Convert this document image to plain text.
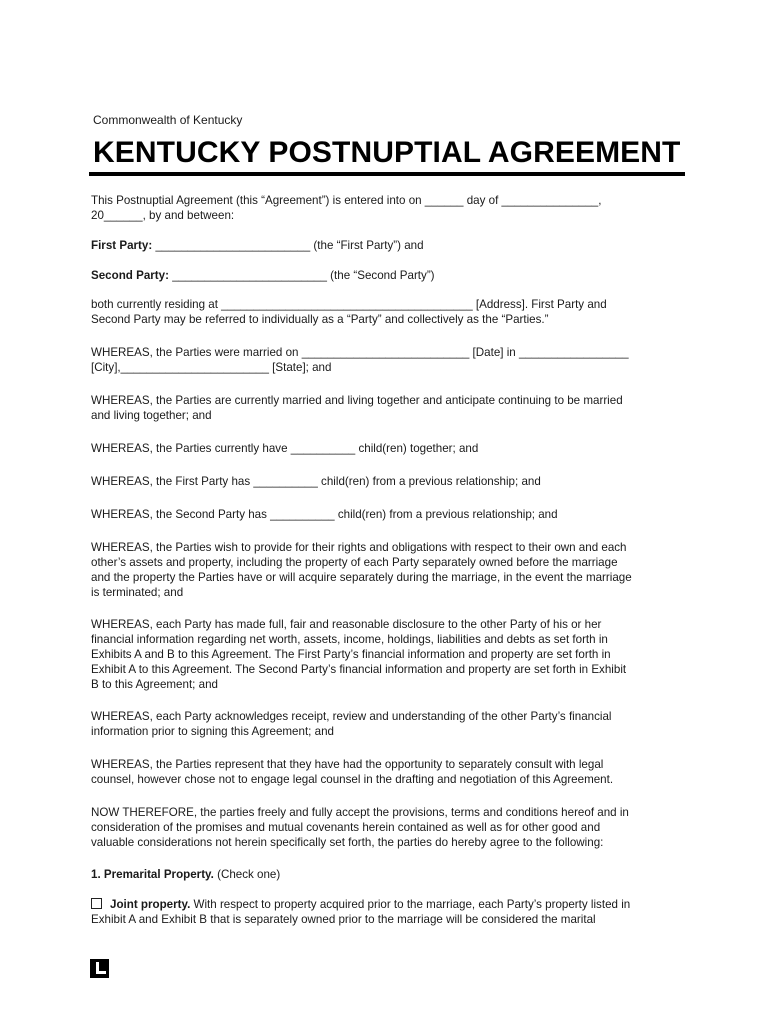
Commonwealth of Kentucky
KENTUCKY POSTNUPTIAL AGREEMENT
This Postnuptial Agreement (this “Agreement”) is entered into on ______ day of _______________,
20______, by and between:
First Party: ________________________ (the “First Party”) and
Second Party: ________________________ (the “Second Party”)
both currently residing at _______________________________________ [Address]. First Party and
Second Party may be referred to individually as a “Party” and collectively as the “Parties.”
WHEREAS, the Parties were married on __________________________ [Date] in _________________
[City],_______________________ [State]; and
WHEREAS, the Parties are currently married and living together and anticipate continuing to be married
and living together; and
WHEREAS, the Parties currently have __________ child(ren) together; and
WHEREAS, the First Party has __________ child(ren) from a previous relationship; and
WHEREAS, the Second Party has __________ child(ren) from a previous relationship; and
WHEREAS, the Parties wish to provide for their rights and obligations with respect to their own and each
other’s assets and property, including the property of each Party separately owned before the marriage
and the property the Parties have or will acquire separately during the marriage, in the event the marriage
is terminated; and
WHEREAS, each Party has made full, fair and reasonable disclosure to the other Party of his or her
financial information regarding net worth, assets, income, holdings, liabilities and debts as set forth in
Exhibits A and B to this Agreement. The First Party’s financial information and property are set forth in
Exhibit A to this Agreement. The Second Party’s financial information and property are set forth in Exhibit
B to this Agreement; and
WHEREAS, each Party acknowledges receipt, review and understanding of the other Party’s financial
information prior to signing this Agreement; and
WHEREAS, the Parties represent that they have had the opportunity to separately consult with legal
counsel, however chose not to engage legal counsel in the drafting and negotiation of this Agreement.
NOW THEREFORE, the parties freely and fully accept the provisions, terms and conditions hereof and in
consideration of the promises and mutual covenants herein contained as well as for other good and
valuable considerations not herein specifically set forth, the parties do hereby agree to the following:
1. Premarital Property. (Check one)
Joint property. With respect to property acquired prior to the marriage, each Party’s property listed in
Exhibit A and Exhibit B that is separately owned prior to the marriage will be considered the marital
